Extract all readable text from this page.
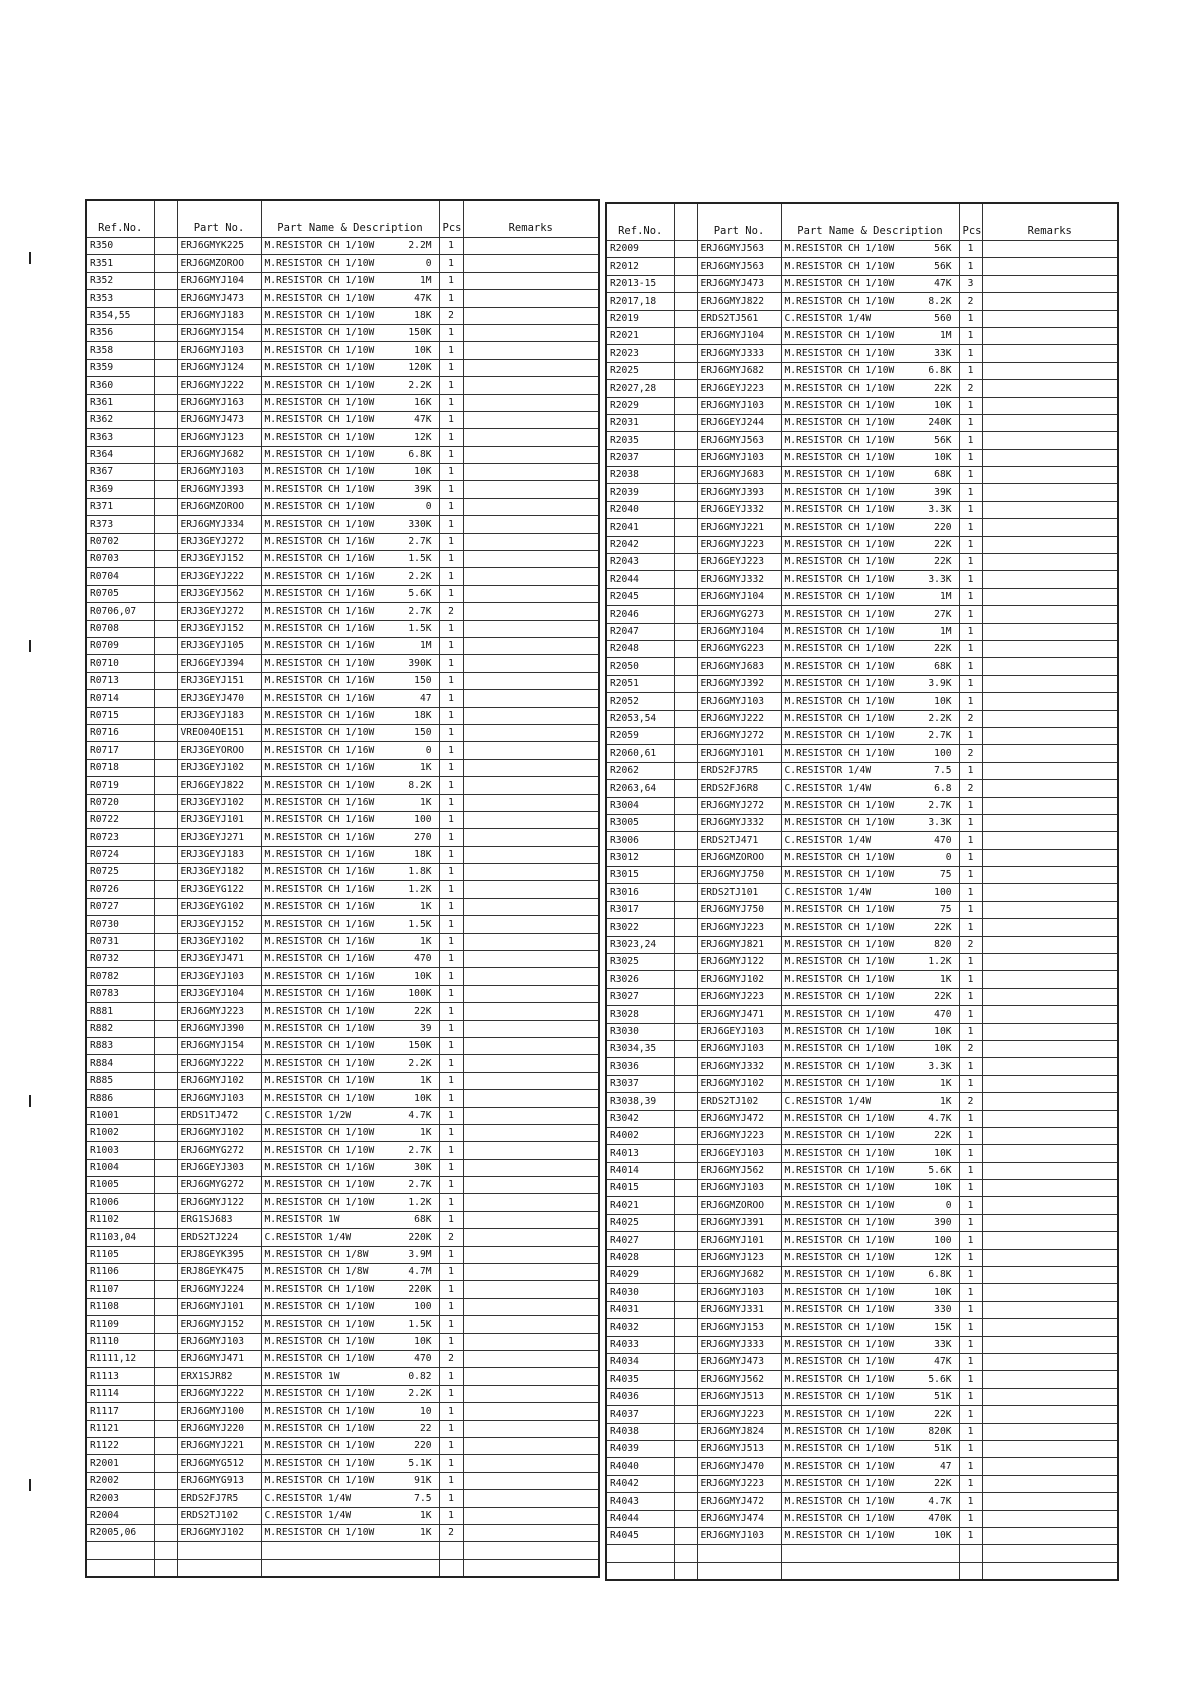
Ref.No.		Part No.	Part Name & Description		Pcs	Remarks
R350		ERJ6GMYK225	M.RESISTOR CH 1/10W	2.2M	1	
R351		ERJ6GMZOROO	M.RESISTOR CH 1/10W	0	1	
R352		ERJ6GMYJ104	M.RESISTOR CH 1/10W	1M	1	
R353		ERJ6GMYJ473	M.RESISTOR CH 1/10W	47K	1	
R354,55		ERJ6GMYJ183	M.RESISTOR CH 1/10W	18K	2	
R356		ERJ6GMYJ154	M.RESISTOR CH 1/10W	150K	1	
R358		ERJ6GMYJ103	M.RESISTOR CH 1/10W	10K	1	
R359		ERJ6GMYJ124	M.RESISTOR CH 1/10W	120K	1	
R360		ERJ6GMYJ222	M.RESISTOR CH 1/10W	2.2K	1	
R361		ERJ6GMYJ163	M.RESISTOR CH 1/10W	16K	1	
R362		ERJ6GMYJ473	M.RESISTOR CH 1/10W	47K	1	
R363		ERJ6GMYJ123	M.RESISTOR CH 1/10W	12K	1	
R364		ERJ6GMYJ682	M.RESISTOR CH 1/10W	6.8K	1	
R367		ERJ6GMYJ103	M.RESISTOR CH 1/10W	10K	1	
R369		ERJ6GMYJ393	M.RESISTOR CH 1/10W	39K	1	
R371		ERJ6GMZOROO	M.RESISTOR CH 1/10W	0	1	
R373		ERJ6GMYJ334	M.RESISTOR CH 1/10W	330K	1	
R0702		ERJ3GEYJ272	M.RESISTOR CH 1/16W	2.7K	1	
R0703		ERJ3GEYJ152	M.RESISTOR CH 1/16W	1.5K	1	
R0704		ERJ3GEYJ222	M.RESISTOR CH 1/16W	2.2K	1	
R0705		ERJ3GEYJ562	M.RESISTOR CH 1/16W	5.6K	1	
R0706,07		ERJ3GEYJ272	M.RESISTOR CH 1/16W	2.7K	2	
R0708		ERJ3GEYJ152	M.RESISTOR CH 1/16W	1.5K	1	
R0709		ERJ3GEYJ105	M.RESISTOR CH 1/16W	1M	1	
R0710		ERJ6GEYJ394	M.RESISTOR CH 1/10W	390K	1	
R0713		ERJ3GEYJ151	M.RESISTOR CH 1/16W	150	1	
R0714		ERJ3GEYJ470	M.RESISTOR CH 1/16W	47	1	
R0715		ERJ3GEYJ183	M.RESISTOR CH 1/16W	18K	1	
R0716		VREO04OE151	M.RESISTOR CH 1/10W	150	1	
R0717		ERJ3GEYOROO	M.RESISTOR CH 1/16W	0	1	
R0718		ERJ3GEYJ102	M.RESISTOR CH 1/16W	1K	1	
R0719		ERJ6GEYJ822	M.RESISTOR CH 1/10W	8.2K	1	
R0720		ERJ3GEYJ102	M.RESISTOR CH 1/16W	1K	1	
R0722		ERJ3GEYJ101	M.RESISTOR CH 1/16W	100	1	
R0723		ERJ3GEYJ271	M.RESISTOR CH 1/16W	270	1	
R0724		ERJ3GEYJ183	M.RESISTOR CH 1/16W	18K	1	
R0725		ERJ3GEYJ182	M.RESISTOR CH 1/16W	1.8K	1	
R0726		ERJ3GEYG122	M.RESISTOR CH 1/16W	1.2K	1	
R0727		ERJ3GEYG102	M.RESISTOR CH 1/16W	1K	1	
R0730		ERJ3GEYJ152	M.RESISTOR CH 1/16W	1.5K	1	
R0731		ERJ3GEYJ102	M.RESISTOR CH 1/16W	1K	1	
R0732		ERJ3GEYJ471	M.RESISTOR CH 1/16W	470	1	
R0782		ERJ3GEYJ103	M.RESISTOR CH 1/16W	10K	1	
R0783		ERJ3GEYJ104	M.RESISTOR CH 1/16W	100K	1	
R881		ERJ6GMYJ223	M.RESISTOR CH 1/10W	22K	1	
R882		ERJ6GMYJ390	M.RESISTOR CH 1/10W	39	1	
R883		ERJ6GMYJ154	M.RESISTOR CH 1/10W	150K	1	
R884		ERJ6GMYJ222	M.RESISTOR CH 1/10W	2.2K	1	
R885		ERJ6GMYJ102	M.RESISTOR CH 1/10W	1K	1	
R886		ERJ6GMYJ103	M.RESISTOR CH 1/10W	10K	1	
R1001		ERDS1TJ472	C.RESISTOR 1/2W	4.7K	1	
R1002		ERJ6GMYJ102	M.RESISTOR CH 1/10W	1K	1	
R1003		ERJ6GMYG272	M.RESISTOR CH 1/10W	2.7K	1	
R1004		ERJ6GEYJ303	M.RESISTOR CH 1/16W	30K	1	
R1005		ERJ6GMYG272	M.RESISTOR CH 1/10W	2.7K	1	
R1006		ERJ6GMYJ122	M.RESISTOR CH 1/10W	1.2K	1	
R1102		ERG1SJ683	M.RESISTOR 1W	68K	1	
R1103,04		ERDS2TJ224	C.RESISTOR 1/4W	220K	2	
R1105		ERJ8GEYK395	M.RESISTOR CH 1/8W	3.9M	1	
R1106		ERJ8GEYK475	M.RESISTOR CH 1/8W	4.7M	1	
R1107		ERJ6GMYJ224	M.RESISTOR CH 1/10W	220K	1	
R1108		ERJ6GMYJ101	M.RESISTOR CH 1/10W	100	1	
R1109		ERJ6GMYJ152	M.RESISTOR CH 1/10W	1.5K	1	
R1110		ERJ6GMYJ103	M.RESISTOR CH 1/10W	10K	1	
R1111,12		ERJ6GMYJ471	M.RESISTOR CH 1/10W	470	2	
R1113		ERX1SJR82	M.RESISTOR 1W	0.82	1	
R1114		ERJ6GMYJ222	M.RESISTOR CH 1/10W	2.2K	1	
R1117		ERJ6GMYJ100	M.RESISTOR CH 1/10W	10	1	
R1121		ERJ6GMYJ220	M.RESISTOR CH 1/10W	22	1	
R1122		ERJ6GMYJ221	M.RESISTOR CH 1/10W	220	1	
R2001		ERJ6GMYG512	M.RESISTOR CH 1/10W	5.1K	1	
R2002		ERJ6GMYG913	M.RESISTOR CH 1/10W	91K	1	
R2003		ERDS2FJ7R5	C.RESISTOR 1/4W	7.5	1	
R2004		ERDS2TJ102	C.RESISTOR 1/4W	1K	1	
R2005,06		ERJ6GMYJ102	M.RESISTOR CH 1/10W	1K	2	

Ref.No.		Part No.	Part Name & Description		Pcs	Remarks
R2009		ERJ6GMYJ563	M.RESISTOR CH 1/10W	56K	1	
R2012		ERJ6GMYJ563	M.RESISTOR CH 1/10W	56K	1	
R2013-15		ERJ6GMYJ473	M.RESISTOR CH 1/10W	47K	3	
R2017,18		ERJ6GMYJ822	M.RESISTOR CH 1/10W	8.2K	2	
R2019		ERDS2TJ561	C.RESISTOR 1/4W	560	1	
R2021		ERJ6GMYJ104	M.RESISTOR CH 1/10W	1M	1	
R2023		ERJ6GMYJ333	M.RESISTOR CH 1/10W	33K	1	
R2025		ERJ6GMYJ682	M.RESISTOR CH 1/10W	6.8K	1	
R2027,28		ERJ6GEYJ223	M.RESISTOR CH 1/10W	22K	2	
R2029		ERJ6GMYJ103	M.RESISTOR CH 1/10W	10K	1	
R2031		ERJ6GEYJ244	M.RESISTOR CH 1/10W	240K	1	
R2035		ERJ6GMYJ563	M.RESISTOR CH 1/10W	56K	1	
R2037		ERJ6GMYJ103	M.RESISTOR CH 1/10W	10K	1	
R2038		ERJ6GMYJ683	M.RESISTOR CH 1/10W	68K	1	
R2039		ERJ6GMYJ393	M.RESISTOR CH 1/10W	39K	1	
R2040		ERJ6GEYJ332	M.RESISTOR CH 1/10W	3.3K	1	
R2041		ERJ6GMYJ221	M.RESISTOR CH 1/10W	220	1	
R2042		ERJ6GMYJ223	M.RESISTOR CH 1/10W	22K	1	
R2043		ERJ6GEYJ223	M.RESISTOR CH 1/10W	22K	1	
R2044		ERJ6GMYJ332	M.RESISTOR CH 1/10W	3.3K	1	
R2045		ERJ6GMYJ104	M.RESISTOR CH 1/10W	1M	1	
R2046		ERJ6GMYG273	M.RESISTOR CH 1/10W	27K	1	
R2047		ERJ6GMYJ104	M.RESISTOR CH 1/10W	1M	1	
R2048		ERJ6GMYG223	M.RESISTOR CH 1/10W	22K	1	
R2050		ERJ6GMYJ683	M.RESISTOR CH 1/10W	68K	1	
R2051		ERJ6GMYJ392	M.RESISTOR CH 1/10W	3.9K	1	
R2052		ERJ6GMYJ103	M.RESISTOR CH 1/10W	10K	1	
R2053,54		ERJ6GMYJ222	M.RESISTOR CH 1/10W	2.2K	2	
R2059		ERJ6GMYJ272	M.RESISTOR CH 1/10W	2.7K	1	
R2060,61		ERJ6GMYJ101	M.RESISTOR CH 1/10W	100	2	
R2062		ERDS2FJ7R5	C.RESISTOR 1/4W	7.5	1	
R2063,64		ERDS2FJ6R8	C.RESISTOR 1/4W	6.8	2	
R3004		ERJ6GMYJ272	M.RESISTOR CH 1/10W	2.7K	1	
R3005		ERJ6GMYJ332	M.RESISTOR CH 1/10W	3.3K	1	
R3006		ERDS2TJ471	C.RESISTOR 1/4W	470	1	
R3012		ERJ6GMZOROO	M.RESISTOR CH 1/10W	0	1	
R3015		ERJ6GMYJ750	M.RESISTOR CH 1/10W	75	1	
R3016		ERDS2TJ101	C.RESISTOR 1/4W	100	1	
R3017		ERJ6GMYJ750	M.RESISTOR CH 1/10W	75	1	
R3022		ERJ6GMYJ223	M.RESISTOR CH 1/10W	22K	1	
R3023,24		ERJ6GMYJ821	M.RESISTOR CH 1/10W	820	2	
R3025		ERJ6GMYJ122	M.RESISTOR CH 1/10W	1.2K	1	
R3026		ERJ6GMYJ102	M.RESISTOR CH 1/10W	1K	1	
R3027		ERJ6GMYJ223	M.RESISTOR CH 1/10W	22K	1	
R3028		ERJ6GMYJ471	M.RESISTOR CH 1/10W	470	1	
R3030		ERJ6GEYJ103	M.RESISTOR CH 1/10W	10K	1	
R3034,35		ERJ6GMYJ103	M.RESISTOR CH 1/10W	10K	2	
R3036		ERJ6GMYJ332	M.RESISTOR CH 1/10W	3.3K	1	
R3037		ERJ6GMYJ102	M.RESISTOR CH 1/10W	1K	1	
R3038,39		ERDS2TJ102	C.RESISTOR 1/4W	1K	2	
R3042		ERJ6GMYJ472	M.RESISTOR CH 1/10W	4.7K	1	
R4002		ERJ6GMYJ223	M.RESISTOR CH 1/10W	22K	1	
R4013		ERJ6GEYJ103	M.RESISTOR CH 1/10W	10K	1	
R4014		ERJ6GMYJ562	M.RESISTOR CH 1/10W	5.6K	1	
R4015		ERJ6GMYJ103	M.RESISTOR CH 1/10W	10K	1	
R4021		ERJ6GMZOROO	M.RESISTOR CH 1/10W	0	1	
R4025		ERJ6GMYJ391	M.RESISTOR CH 1/10W	390	1	
R4027		ERJ6GMYJ101	M.RESISTOR CH 1/10W	100	1	
R4028		ERJ6GMYJ123	M.RESISTOR CH 1/10W	12K	1	
R4029		ERJ6GMYJ682	M.RESISTOR CH 1/10W	6.8K	1	
R4030		ERJ6GMYJ103	M.RESISTOR CH 1/10W	10K	1	
R4031		ERJ6GMYJ331	M.RESISTOR CH 1/10W	330	1	
R4032		ERJ6GMYJ153	M.RESISTOR CH 1/10W	15K	1	
R4033		ERJ6GMYJ333	M.RESISTOR CH 1/10W	33K	1	
R4034		ERJ6GMYJ473	M.RESISTOR CH 1/10W	47K	1	
R4035		ERJ6GMYJ562	M.RESISTOR CH 1/10W	5.6K	1	
R4036		ERJ6GMYJ513	M.RESISTOR CH 1/10W	51K	1	
R4037		ERJ6GMYJ223	M.RESISTOR CH 1/10W	22K	1	
R4038		ERJ6GMYJ824	M.RESISTOR CH 1/10W	820K	1	
R4039		ERJ6GMYJ513	M.RESISTOR CH 1/10W	51K	1	
R4040		ERJ6GMYJ470	M.RESISTOR CH 1/10W	47	1	
R4042		ERJ6GMYJ223	M.RESISTOR CH 1/10W	22K	1	
R4043		ERJ6GMYJ472	M.RESISTOR CH 1/10W	4.7K	1	
R4044		ERJ6GMYJ474	M.RESISTOR CH 1/10W	470K	1	
R4045		ERJ6GMYJ103	M.RESISTOR CH 1/10W	10K	1	
